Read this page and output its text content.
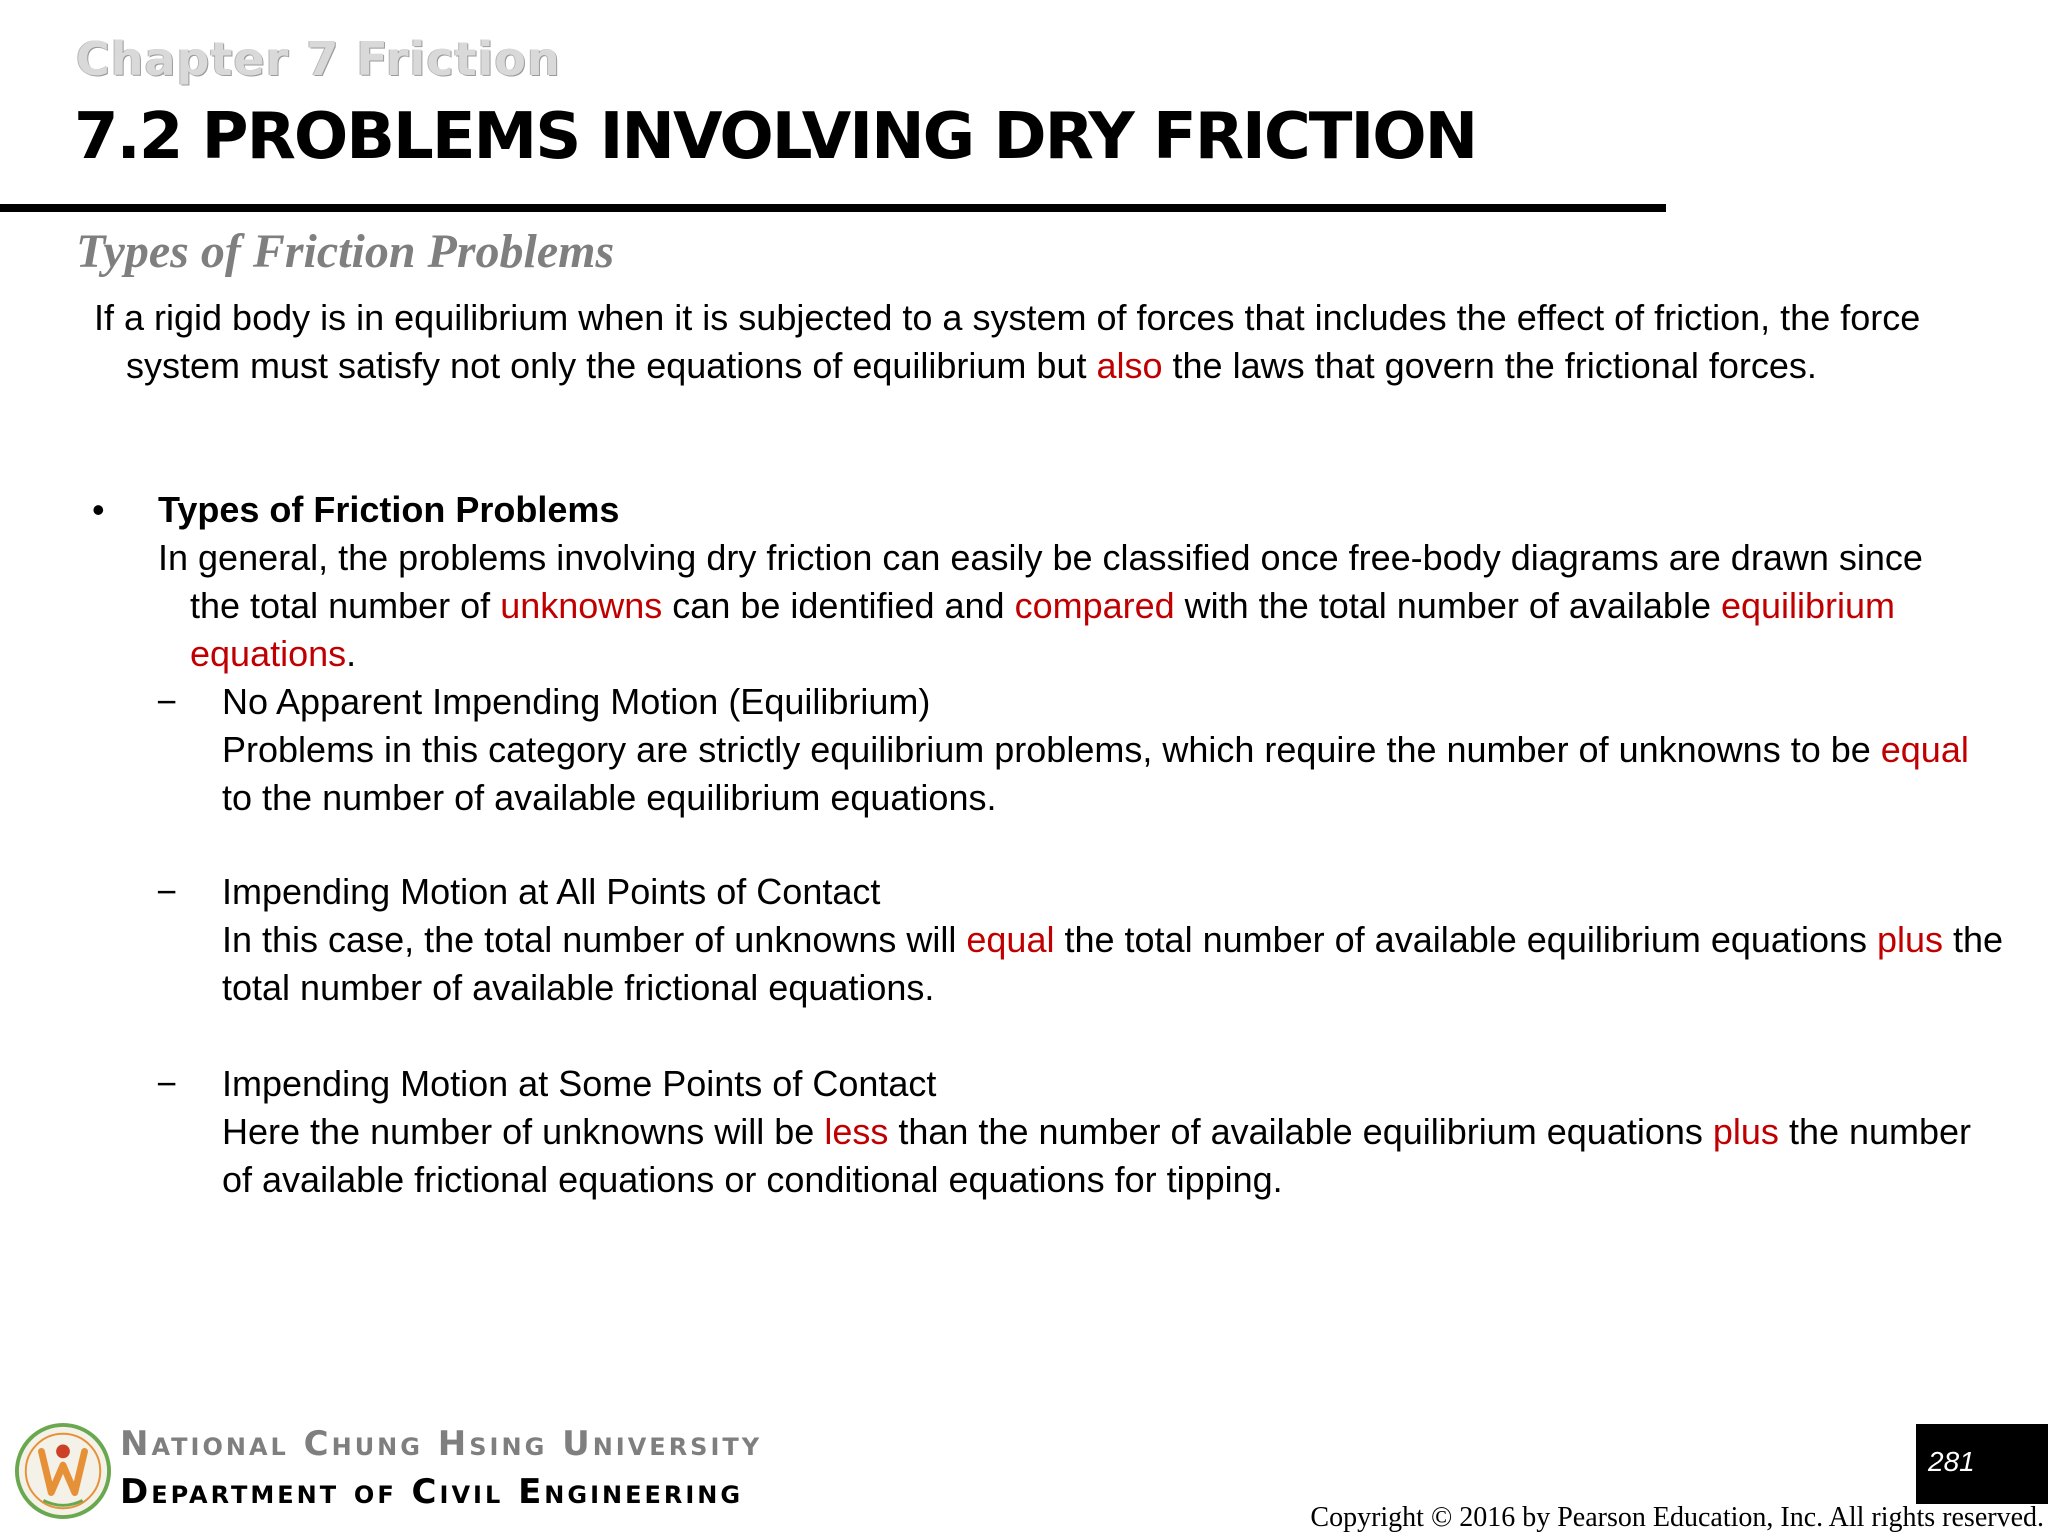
Chapter 7 Friction
7.2 PROBLEMS INVOLVING DRY FRICTION
Types of Friction Problems

If a rigid body is in equilibrium when it is subjected to a system of forces that includes the effect of friction, the force system must satisfy not only the equations of equilibrium but also the laws that govern the frictional forces.

• Types of Friction Problems

In general, the problems involving dry friction can easily be classified once free-body diagrams are drawn since the total number of unknowns can be identified and compared with the total number of available equilibrium equations.

− No Apparent Impending Motion (Equilibrium)
Problems in this category are strictly equilibrium problems, which require the number of unknowns to be equal to the number of available equilibrium equations.
− Impending Motion at All Points of Contact
In this case, the total number of unknowns will equal the total number of available equilibrium equations plus the total number of available frictional equations.
− Impending Motion at Some Points of Contact
Here the number of unknowns will be less than the number of available equilibrium equations plus the number of available frictional equations or conditional equations for tipping.
National Chung Hsing University
Department of Civil Engineering
281
Copyright © 2016 by Pearson Education, Inc. All rights reserved.
